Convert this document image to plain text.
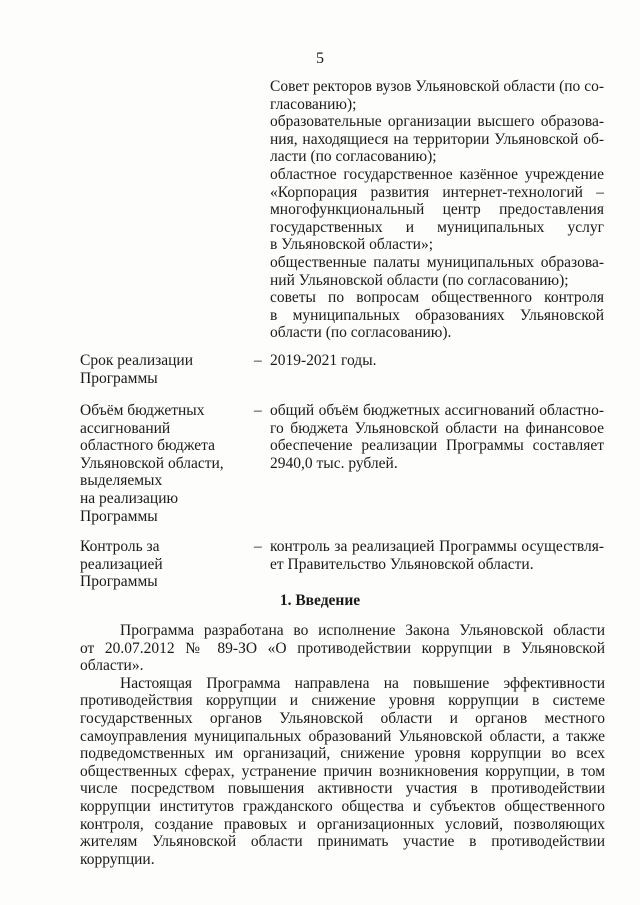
5
Совет ректоров вузов Ульяновской области (по со-
гласованию);
образовательные организации высшего образова-
ния, находящиеся на территории Ульяновской об-
ласти (по согласованию);
областное государственное казённое учреждение
«Корпорация развития интернет-технологий –
многофункциональный центр предоставления
государственных и муниципальных услуг
в Ульяновской области»;
общественные палаты муниципальных образова-
ний Ульяновской области (по согласованию);
советы по вопросам общественного контроля
в муниципальных образованиях Ульяновской
области (по согласованию).
Срок реализации
Программы
– 2019-2021 годы.
Объём бюджетных
ассигнований
областного бюджета
Ульяновской области,
выделяемых
на реализацию
Программы
– общий объём бюджетных ассигнований областно-
го бюджета Ульяновской области на финансовое
обеспечение реализации Программы составляет
2940,0 тыс. рублей.
Контроль за
реализацией
Программы
– контроль за реализацией Программы осуществля-
ет Правительство Ульяновской области.
1. Введение
Программа разработана во исполнение Закона Ульяновской области
от 20.07.2012 № 89-ЗО «О противодействии коррупции в Ульяновской
области».
Настоящая Программа направлена на повышение эффективности
противодействия коррупции и снижение уровня коррупции в системе
государственных органов Ульяновской области и органов местного
самоуправления муниципальных образований Ульяновской области, а также
подведомственных им организаций, снижение уровня коррупции во всех
общественных сферах, устранение причин возникновения коррупции, в том
числе посредством повышения активности участия в противодействии
коррупции институтов гражданского общества и субъектов общественного
контроля, создание правовых и организационных условий, позволяющих
жителям Ульяновской области принимать участие в противодействии
коррупции.
